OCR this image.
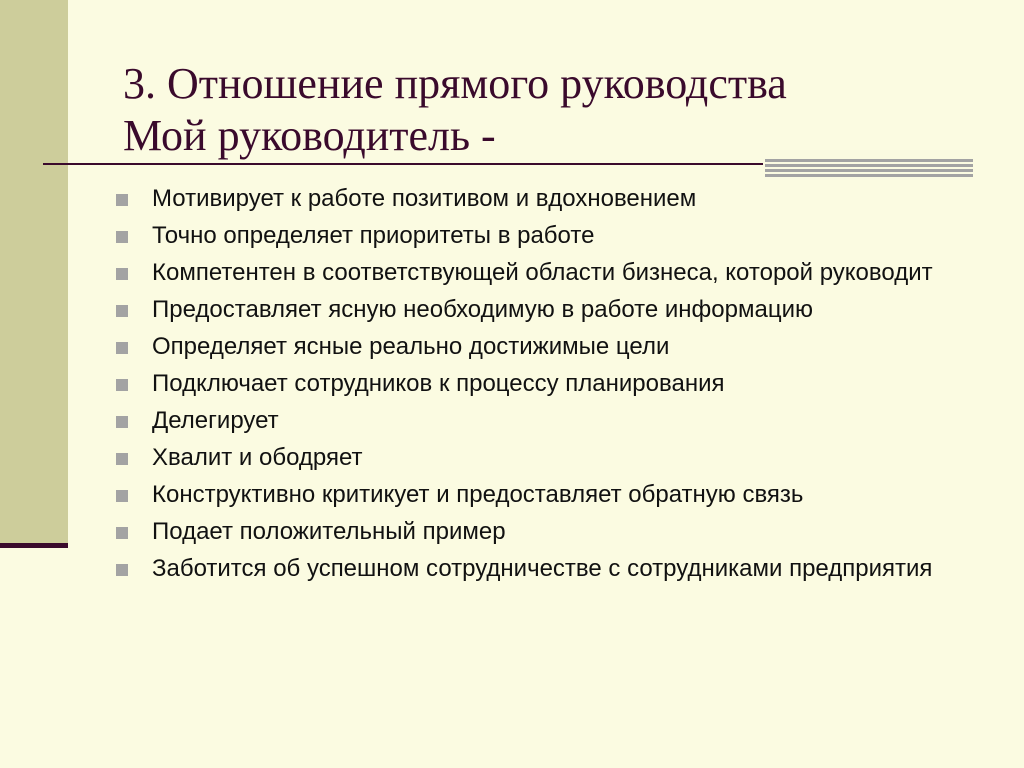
3. Отношение прямого руководства
Мой руководитель -
Мотивирует к работе позитивом и вдохновением
Точно определяет приоритеты в работе
Компетентен в соответствующей области бизнеса, которой руководит
Предоставляет ясную необходимую в работе информацию
Определяет ясные реально достижимые цели
Подключает сотрудников к процессу планирования
Делегирует
Хвалит и ободряет
Конструктивно критикует и предоставляет обратную связь
Подает положительный пример
Заботится об успешном сотрудничестве с сотрудниками предприятия
